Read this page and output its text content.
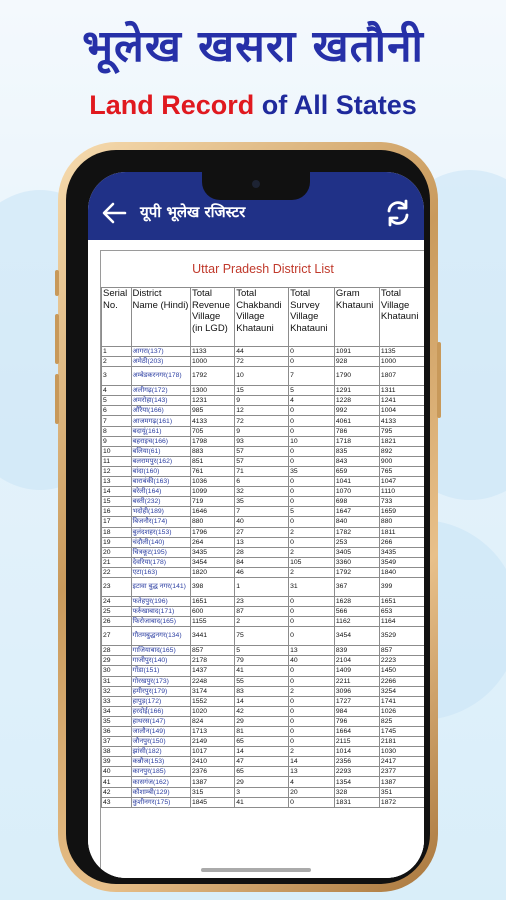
भूलेख खसरा खतौनी
Land Record of All States
यूपी भूलेख रजिस्टर
Uttar Pradesh District List
Serial No.	District Name (Hindi)	Total Revenue Village (in LGD)	Total Chakbandi Village Khatauni	Total Survey Village Khatauni	Gram Khatauni	Total Village Khatauni
1	आगरा(137)	1133	44	0	1091	1135
2	अमेठी(203)	1000	72	0	928	1000
3	अम्बेडकरनगर(178)	1792	10	7	1790	1807
4	अलीगढ़(172)	1300	15	5	1291	1311
5	अमरोहा(143)	1231	9	4	1228	1241
6	औरैया(166)	985	12	0	992	1004
7	आजमगढ़(161)	4133	72	0	4061	4133
8	बदायूं(161)	705	9	0	786	795
9	बहराइच(166)	1798	93	10	1718	1821
10	बलिया(61)	883	57	0	835	892
11	बलरामपुर(162)	851	57	0	843	900
12	बांदा(160)	761	71	35	659	765
13	बाराबंकी(163)	1036	6	0	1041	1047
14	बरेली(164)	1099	32	0	1070	1110
15	बस्ती(232)	719	35	0	698	733
16	भदोही(189)	1646	7	5	1647	1659
17	बिजनौर(174)	880	40	0	840	880
18	बुलंदशहर(153)	1796	27	2	1782	1811
19	चंदौली(140)	264	13	0	253	266
20	चित्रकूट(195)	3435	28	2	3405	3435
21	देवरिया(178)	3454	84	105	3360	3549
22	एटा(163)	1820	46	2	1792	1840
23	इटावा बुद्ध नगर(141)	398	1	31	367	399
24	फतेहपुर(196)	1651	23	0	1628	1651
25	फर्रुखाबाद(171)	600	87	0	566	653
26	फिरोजाबाद(165)	1155	2	0	1162	1164
27	गौतमबुद्धनगर(134)	3441	75	0	3454	3529
28	गाजियाबाद(165)	857	5	13	839	857
29	गाजीपुर(140)	2178	79	40	2104	2223
30	गोंडा(151)	1437	41	0	1409	1450
31	गोरखपुर(173)	2248	55	0	2211	2266
32	हमीरपुर(179)	3174	83	2	3096	3254
33	हापुड़(172)	1552	14	0	1727	1741
34	हरदोई(166)	1020	42	0	984	1026
35	हाथरस(147)	824	29	0	796	825
36	जालौन(149)	1713	81	0	1664	1745
37	जौनपुर(150)	2149	65	0	2115	2181
38	झांसी(182)	1017	14	2	1014	1030
39	कन्नौज(153)	2410	47	14	2356	2417
40	कानपुर(185)	2376	65	13	2293	2377
41	कासगंज(162)	1387	29	4	1354	1387
42	कौशाम्बी(129)	315	3	20	328	351
43	कुशीनगर(175)	1845	41	0	1831	1872
